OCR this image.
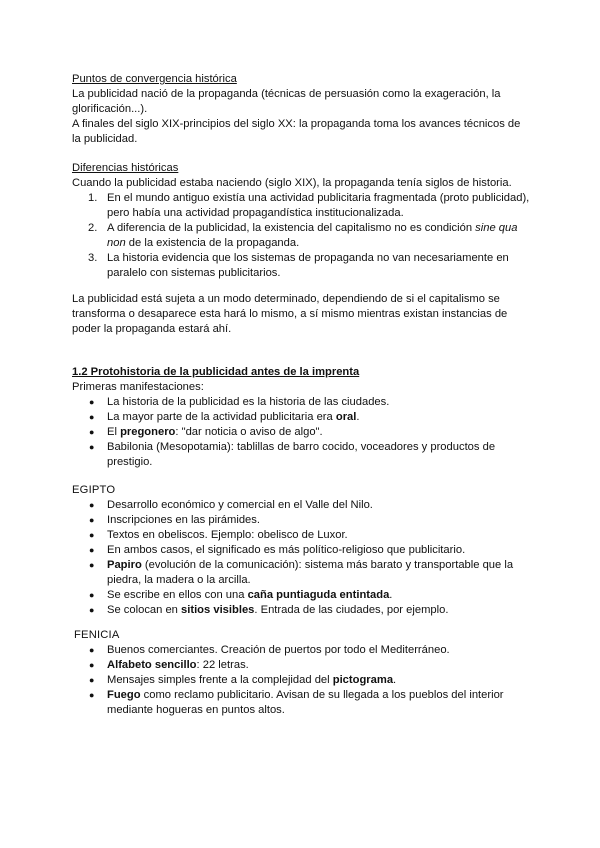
Puntos de convergencia histórica

La publicidad nació de la propaganda (técnicas de persuasión como la exageración, la glorificación...).

A finales del siglo XIX-principios del siglo XX: la propaganda toma los avances técnicos de la publicidad.

Diferencias históricas

Cuando la publicidad estaba naciendo (siglo XIX), la propaganda tenía siglos de historia.

1. En el mundo antiguo existía una actividad publicitaria fragmentada (proto publicidad), pero había una actividad propagandística institucionalizada.
2. A diferencia de la publicidad, la existencia del capitalismo no es condición sine qua non de la existencia de la propaganda.
3. La historia evidencia que los sistemas de propaganda no van necesariamente en paralelo con sistemas publicitarios.

La publicidad está sujeta a un modo determinado, dependiendo de si el capitalismo se transforma o desaparece esta hará lo mismo, a sí mismo mientras existan instancias de poder la propaganda estará ahí.

1.2 Protohistoria de la publicidad antes de la imprenta

Primeras manifestaciones:

● La historia de la publicidad es la historia de las ciudades.
● La mayor parte de la actividad publicitaria era oral.
● El pregonero: "dar noticia o aviso de algo".
● Babilonia (Mesopotamia): tablillas de barro cocido, voceadores y productos de prestigio.

EGIPTO

● Desarrollo económico y comercial en el Valle del Nilo.
● Inscripciones en las pirámides.
● Textos en obeliscos. Ejemplo: obelisco de Luxor.
● En ambos casos, el significado es más político-religioso que publicitario.
● Papiro (evolución de la comunicación): sistema más barato y transportable que la piedra, la madera o la arcilla.
● Se escribe en ellos con una caña puntiaguda entintada.
● Se colocan en sitios visibles. Entrada de las ciudades, por ejemplo.

FENICIA

● Buenos comerciantes. Creación de puertos por todo el Mediterráneo.
● Alfabeto sencillo: 22 letras.
● Mensajes simples frente a la complejidad del pictograma.
● Fuego como reclamo publicitario. Avisan de su llegada a los pueblos del interior mediante hogueras en puntos altos.
